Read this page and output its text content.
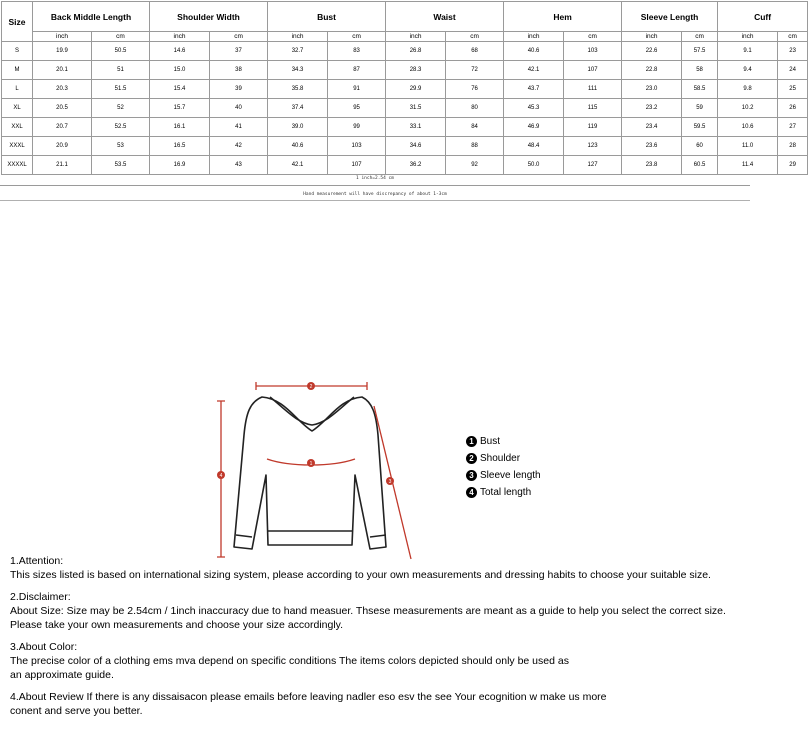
Size	Back Middle Length		Shoulder Width		Bust		Waist		Hem		Sleeve Length		Cuff	
	inch	cm	inch	cm	inch	cm	inch	cm	inch	cm	inch	cm	inch	cm
S	19.9	50.5	14.6	37	32.7	83	26.8	68	40.6	103	22.6	57.5	9.1	23
M	20.1	51	15.0	38	34.3	87	28.3	72	42.1	107	22.8	58	9.4	24
L	20.3	51.5	15.4	39	35.8	91	29.9	76	43.7	111	23.0	58.5	9.8	25
XL	20.5	52	15.7	40	37.4	95	31.5	80	45.3	115	23.2	59	10.2	26
XXL	20.7	52.5	16.1	41	39.0	99	33.1	84	46.9	119	23.4	59.5	10.6	27
XXXL	20.9	53	16.5	42	40.6	103	34.6	88	48.4	123	23.6	60	11.0	28
XXXXL	21.1	53.5	16.9	43	42.1	107	36.2	92	50.0	127	23.8	60.5	11.4	29
1 inch=2.54 cm
Hand measurement will have discrepancy of about 1-3cm
2
1
4
3
1 Bust
2 Shoulder
3 Sleeve length
4 Total length

1.Attention:

This sizes listed is based on international sizing system, please according to your own measurements and dressing habits to choose your suitable size.

2.Disclaimer:

About Size: Size may be 2.54cm / 1inch inaccuracy due to hand measuer. Thsese measurements are meant as a guide to help you select the correct size.

Please take your own measurements and choose your size accordingly.

3.About Color:

The precise color of a clothing ems mva depend on specific conditions The items colors depicted should only be used as

an approximate guide.

4.About Review If there is any dissaisacon please emails before leaving nadler eso esv the see Your ecognition w make us more

conent and serve you better.
